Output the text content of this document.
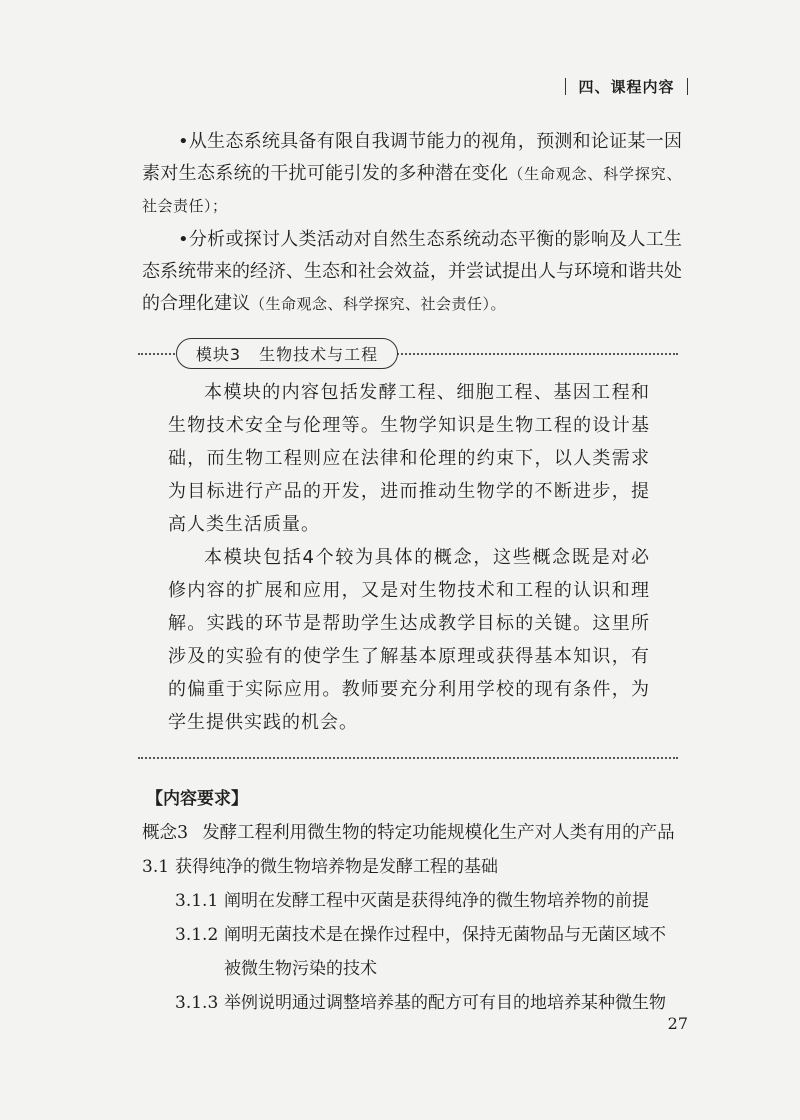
四、课程内容

•从生态系统具备有限自我调节能力的视角，预测和论证某一因素对生态系统的干扰可能引发的多种潜在变化（生命观念、科学探究、社会责任）；

•分析或探讨人类活动对自然生态系统动态平衡的影响及人工生态系统带来的经济、生态和社会效益，并尝试提出人与环境和谐共处的合理化建议（生命观念、科学探究、社会责任）。

模块3 生物技术与工程

本模块的内容包括发酵工程、细胞工程、基因工程和生物技术安全与伦理等。生物学知识是生物工程的设计基础，而生物工程则应在法律和伦理的约束下，以人类需求为目标进行产品的开发，进而推动生物学的不断进步，提高人类生活质量。

本模块包括4个较为具体的概念，这些概念既是对必修内容的扩展和应用，又是对生物技术和工程的认识和理解。实践的环节是帮助学生达成教学目标的关键。这里所涉及的实验有的使学生了解基本原理或获得基本知识，有的偏重于实际应用。教师要充分利用学校的现有条件，为学生提供实践的机会。

【内容要求】
概念3 发酵工程利用微生物的特定功能规模化生产对人类有用的产品
3.1 获得纯净的微生物培养物是发酵工程的基础
3.1.1 阐明在发酵工程中灭菌是获得纯净的微生物培养物的前提
3.1.2 阐明无菌技术是在操作过程中，保持无菌物品与无菌区域不被微生物污染的技术
3.1.3 举例说明通过调整培养基的配方可有目的地培养某种微生物
27
